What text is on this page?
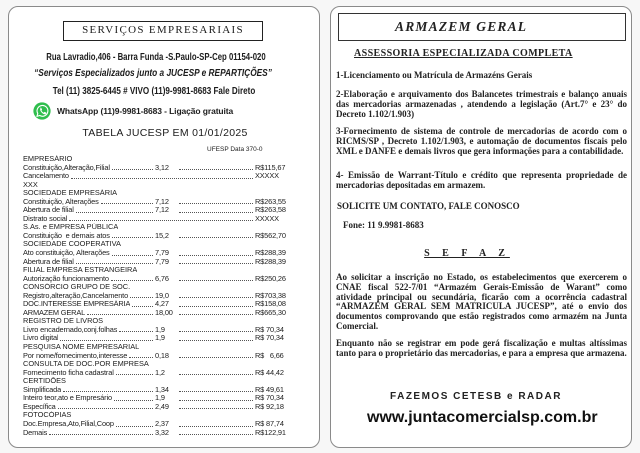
SERVIÇOS EMPRESARIAIS
Rua Lavradio,406 - Barra Funda -S.Paulo-SP-Cep 01154-020
“Serviços Especializados junto a JUCESP e REPARTIÇÕES”
Tel (11) 3825-6445 # VIVO (11)9-9981-8683 Fale Direto
WhatsApp (11)9-9981-8683 - Ligação gratuita
TABELA JUCESP EM 01/01/2025
UFESP Data 370-0
EMPRESÁRIO
Constituição,Alteração,Filial	3,12	R$115,67
Cancelamento	XXXXX
XXX
SOCIEDADE EMPRESÁRIA
Constituição, Alterações	7,12	R$263,55
Abertura de filial	7,12	R$263,58
Distrato social	XXXXX
S.As. e EMPRESA PÚBLICA
Constituição  e demais atos	15,2	R$562,70
SOCIEDADE COOPERATIVA
Ato constituição, Alterações	7,79	R$288,39
Abertura de filial	7,79	R$288,39
FILIAL EMPRESA ESTRANGEIRA
Autorização funcionamento	6,76	R$250,26
CONSÓRCIO GRUPO DE SOC.
Registro,alteração,Cancelamento	19,0	R$703,38
DOC.INTERESSE EMPRESÁRIA	4,27	R$158,08
ARMAZEM GERAL	18,00	R$665,30
REGISTRO DE LIVROS
Livro encadernado,conj.folhas	1,9	R$ 70,34
Livro digital	1,9	R$ 70,34
PESQUISA NOME EMPRESARIAL
Por nome/fornecimento,interesse	0,18	R$   6,66
CONSULTA DE DOC.POR EMPRESA
Fornecimento ficha cadastral	1,2	R$ 44,42
CERTIDÕES
Simplificada	1,34	R$ 49,61
Inteiro teor,ato e Empresário	1,9	R$ 70,34
Específica	2,49	R$ 92,18
FOTOCÓPIAS
Doc.Empresa,Ato,Filial,Coop	2,37	R$ 87,74
Demais	3,32	R$122,91
ARMAZEM GERAL
ASSESSORIA ESPECIALIZADA COMPLETA

1-Licenciamento ou Matrícula de Armazéns Gerais

2-Elaboração e arquivamento dos Balancetes trimestrais e balanço anuais das mercadorias armazenadas , atendendo a legislação (Art.7° e 23° do Decreto 1.102/1.903)

3-Fornecimento de sistema de controle de mercadorias de acordo com o RICMS/SP , Decreto 1.102/1.903, e automação de documentos fiscais pelo XML e DANFE e demais livros que gera informações para a contabilidade.

4- Emissão de Warrant-Título e crédito que representa propriedade de mercadorias depositadas em armazem.

SOLICITE UM CONTATO, FALE CONOSCO
Fone: 11 9.9981-8683
S E F A Z

Ao solicitar a inscrição no Estado, os estabelecimentos que exercerem o CNAE fiscal 522-7/01 “Armazém Gerais-Emissão de Warant” como atividade principal ou secundária, ficarão com a ocorrência cadastral “ARMAZÉM GERAL SEM MATRICULA JUCESP”, até o envio dos documentos comprovando que estão registrados como armazém na Junta Comercial.

Enquanto não se registrar em pode gerá fiscalização e multas altíssimas tanto para o proprietário das mercadorias, e para a empresa que armazena.

FAZEMOS CETESB e RADAR
www.juntacomercialsp.com.br
